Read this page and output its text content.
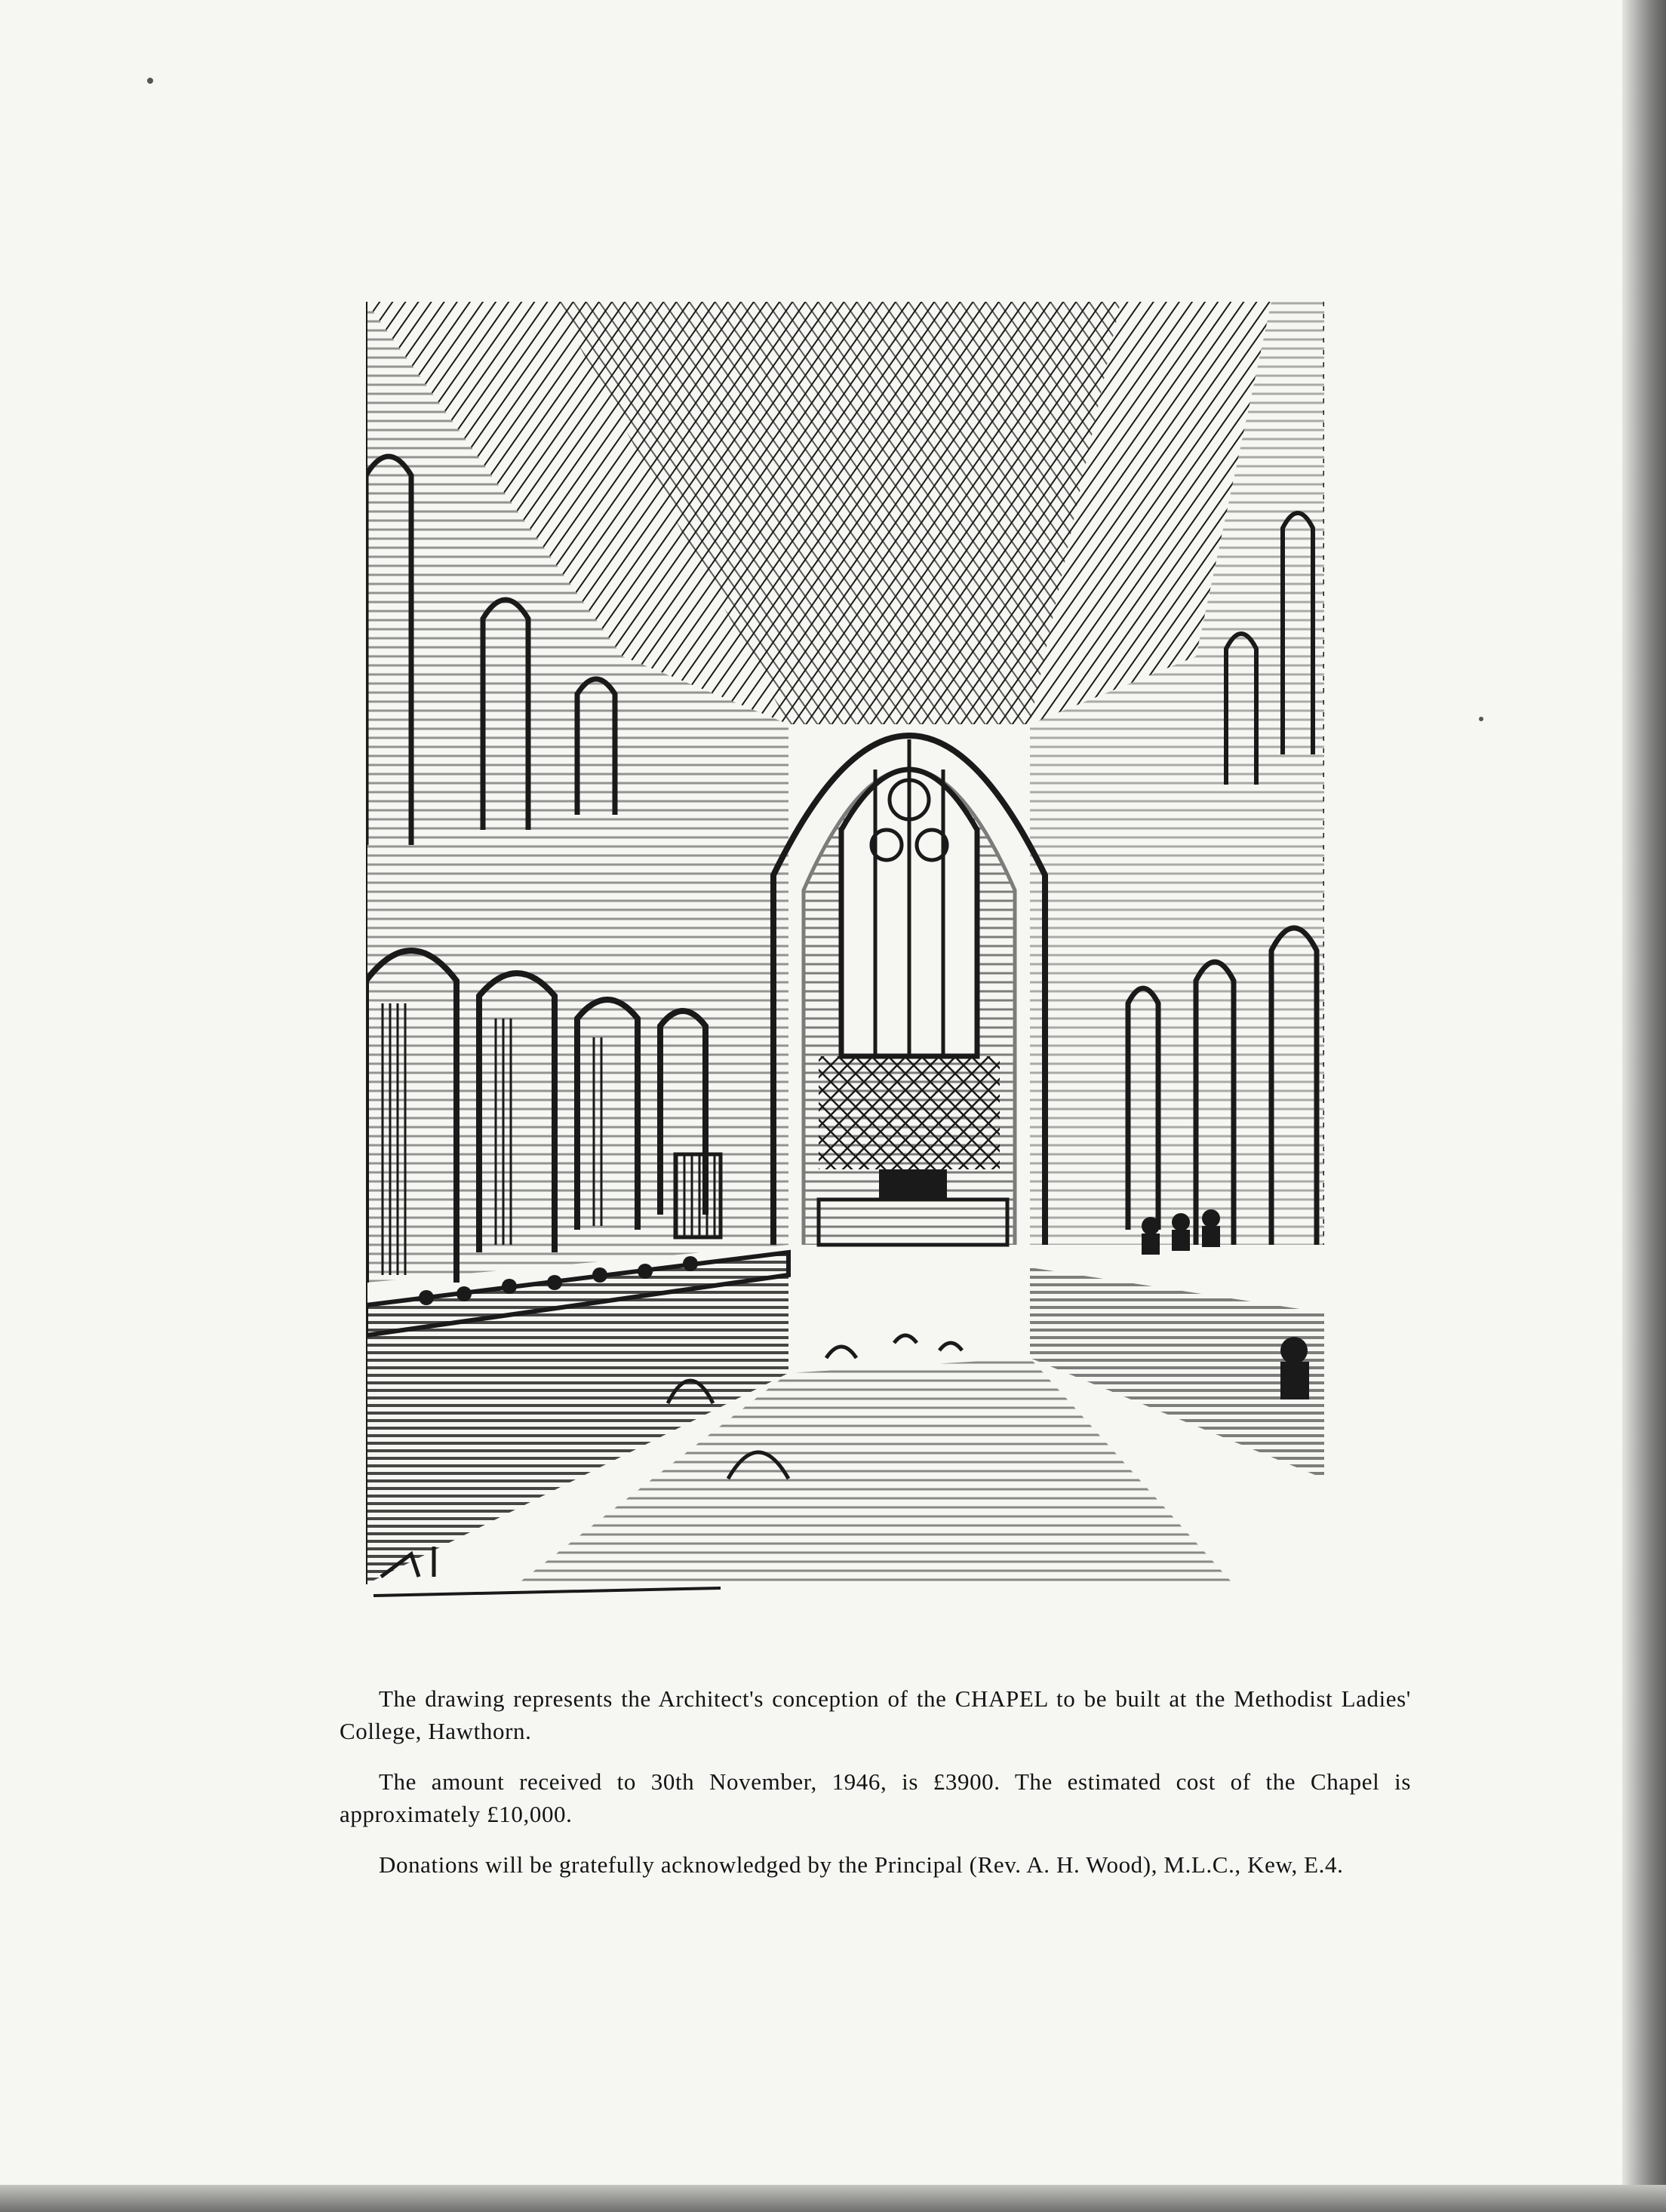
The drawing represents the Architect's conception of the CHAPEL to be built at the Methodist Ladies' College, Hawthorn.

The amount received to 30th November, 1946, is £3900. The estimated cost of the Chapel is approximately £10,000.

Donations will be gratefully acknowledged by the Principal (Rev. A. H. Wood), M.L.C., Kew, E.4.
